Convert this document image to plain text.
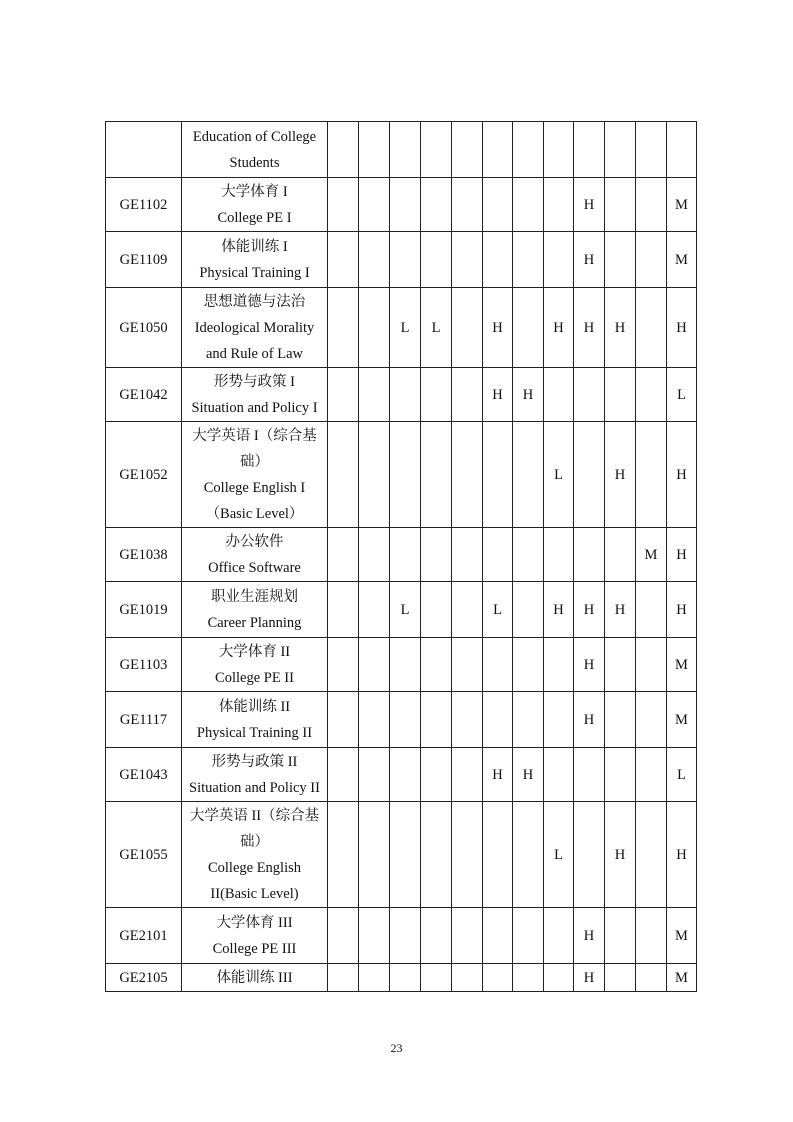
	Education of College
Students												

GE1102	大学体育 I
College PE I									H			M
GE1109	体能训练 I
Physical Training I									H			M
GE1050	思想道德与法治
Ideological Morality
and Rule of Law			L	L		H		H	H	H		H
GE1042	形势与政策 I
Situation and Policy I						H	H					L
GE1052	大学英语 I（综合基
础）
College English I
（Basic Level）								L		H		H
GE1038	办公软件
Office Software											M	H
GE1019	职业生涯规划
Career Planning			L			L		H	H	H		H
GE1103	大学体育 II
College PE II									H			M
GE1117	体能训练 II
Physical Training II									H			M
GE1043	形势与政策 II
Situation and Policy II						H	H					L
GE1055	大学英语 II（综合基
础）
College English
II(Basic Level)								L		H		H
GE2101	大学体育 III
College PE III									H			M
GE2105	体能训练 III									H			M
23
